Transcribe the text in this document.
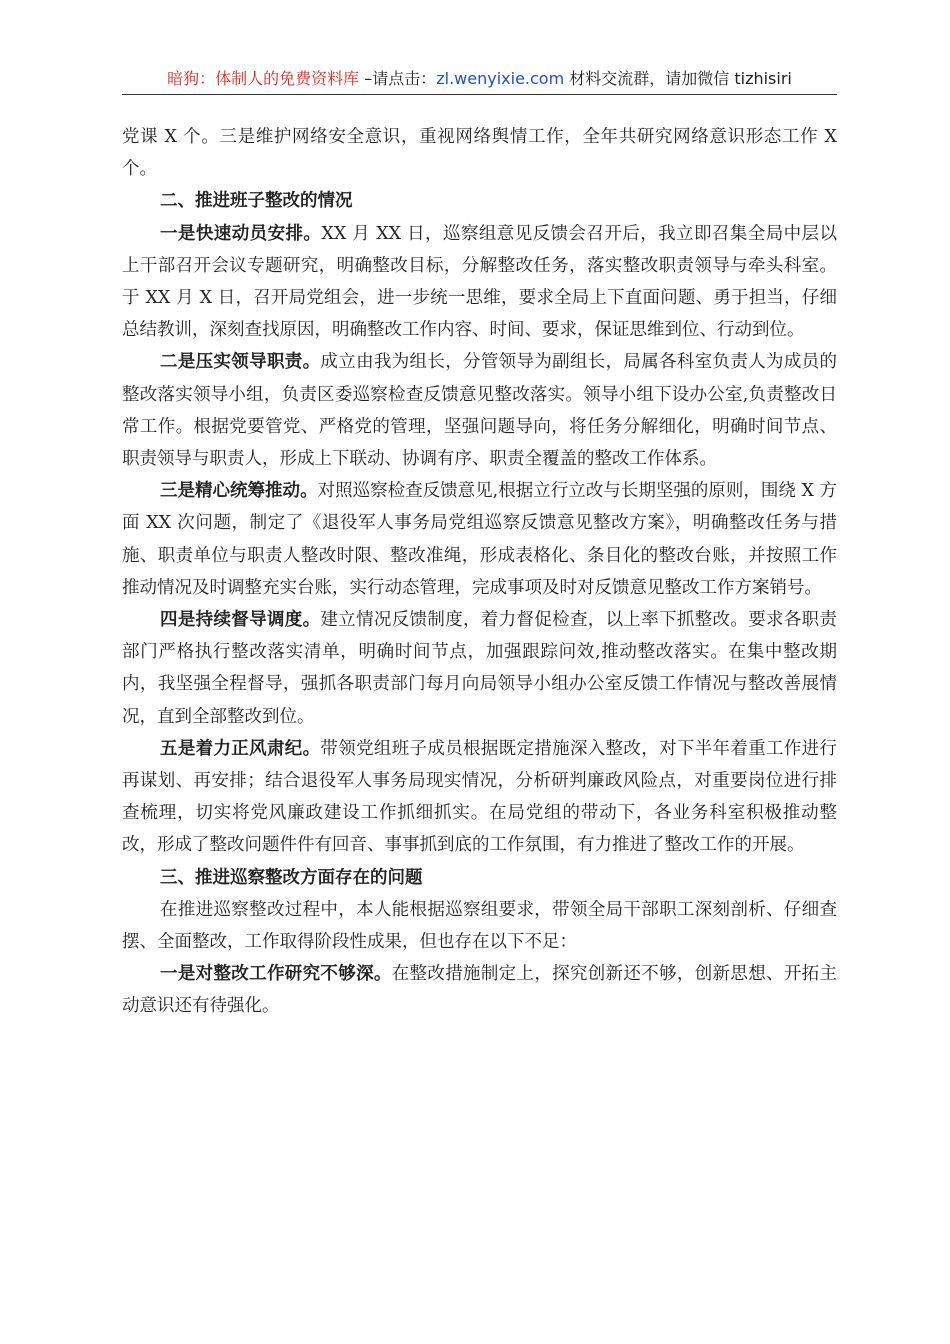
暗狗：体制人的免费资料库 –请点击：zl.wenyixie.com 材料交流群，请加微信 tizhisiri

党课 X 个。三是维护网络安全意识，重视网络舆情工作，全年共研究网络意识形态工作 X 个。

二、推进班子整改的情况

一是快速动员安排。XX 月 XX 日，巡察组意见反馈会召开后，我立即召集全局中层以上干部召开会议专题研究，明确整改目标，分解整改任务，落实整改职责领导与牵头科室。于 XX 月 X 日，召开局党组会，进一步统一思维，要求全局上下直面问题、勇于担当，仔细总结教训，深刻查找原因，明确整改工作内容、时间、要求，保证思维到位、行动到位。

二是压实领导职责。成立由我为组长，分管领导为副组长，局属各科室负责人为成员的整改落实领导小组，负责区委巡察检查反馈意见整改落实。领导小组下设办公室,负责整改日常工作。根据党要管党、严格党的管理，坚强问题导向，将任务分解细化，明确时间节点、职责领导与职责人，形成上下联动、协调有序、职责全覆盖的整改工作体系。

三是精心统筹推动。对照巡察检查反馈意见,根据立行立改与长期坚强的原则，围绕 X 方面 XX 次问题，制定了《退役军人事务局党组巡察反馈意见整改方案》，明确整改任务与措施、职责单位与职责人整改时限、整改准绳，形成表格化、条目化的整改台账，并按照工作推动情况及时调整充实台账，实行动态管理，完成事项及时对反馈意见整改工作方案销号。

四是持续督导调度。建立情况反馈制度，着力督促检查，以上率下抓整改。要求各职责部门严格执行整改落实清单，明确时间节点，加强跟踪问效,推动整改落实。在集中整改期内，我坚强全程督导，强抓各职责部门每月向局领导小组办公室反馈工作情况与整改善展情况，直到全部整改到位。

五是着力正风肃纪。带领党组班子成员根据既定措施深入整改，对下半年着重工作进行再谋划、再安排；结合退役军人事务局现实情况，分析研判廉政风险点，对重要岗位进行排查梳理，切实将党风廉政建设工作抓细抓实。在局党组的带动下，各业务科室积极推动整改，形成了整改问题件件有回音、事事抓到底的工作氛围，有力推进了整改工作的开展。

三、推进巡察整改方面存在的问题

在推进巡察整改过程中，本人能根据巡察组要求，带领全局干部职工深刻剖析、仔细查摆、全面整改，工作取得阶段性成果，但也存在以下不足：

一是对整改工作研究不够深。在整改措施制定上，探究创新还不够，创新思想、开拓主动意识还有待强化。
